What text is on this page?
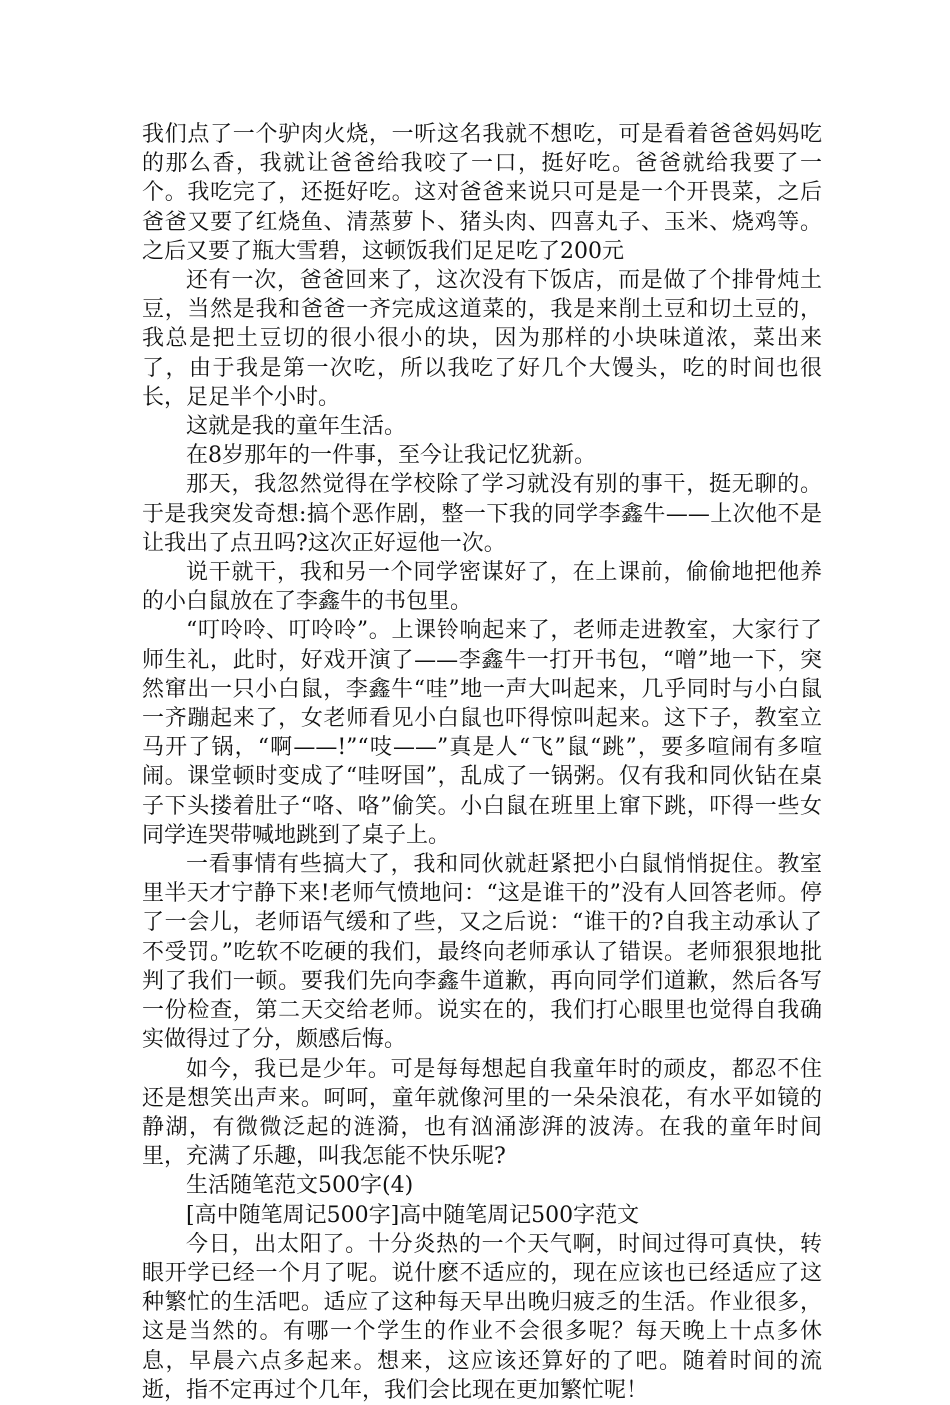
我们点了一个驴肉火烧，一听这名我就不想吃，可是看着爸爸妈妈吃的那么香，我就让爸爸给我咬了一口，挺好吃。爸爸就给我要了一个。我吃完了，还挺好吃。这对爸爸来说只可是是一个开畏菜，之后爸爸又要了红烧鱼、清蒸萝卜、猪头肉、四喜丸子、玉米、烧鸡等。之后又要了瓶大雪碧，这顿饭我们足足吃了200元

还有一次，爸爸回来了，这次没有下饭店，而是做了个排骨炖土豆，当然是我和爸爸一齐完成这道菜的，我是来削土豆和切土豆的，我总是把土豆切的很小很小的块，因为那样的小块味道浓，菜出来了，由于我是第一次吃，所以我吃了好几个大馒头，吃的时间也很长，足足半个小时。

这就是我的童年生活。

在8岁那年的一件事，至今让我记忆犹新。

那天，我忽然觉得在学校除了学习就没有别的事干，挺无聊的。于是我突发奇想:搞个恶作剧，整一下我的同学李鑫牛——上次他不是让我出了点丑吗?这次正好逗他一次。

说干就干，我和另一个同学密谋好了，在上课前，偷偷地把他养的小白鼠放在了李鑫牛的书包里。

“叮呤呤、叮呤呤”。上课铃响起来了，老师走进教室，大家行了师生礼，此时，好戏开演了——李鑫牛一打开书包，“噌”地一下，突然窜出一只小白鼠，李鑫牛“哇”地一声大叫起来，几乎同时与小白鼠一齐蹦起来了，女老师看见小白鼠也吓得惊叫起来。这下子，教室立马开了锅，“啊——!”“吱——”真是人“飞”鼠“跳”，要多喧闹有多喧闹。课堂顿时变成了“哇呀国”，乱成了一锅粥。仅有我和同伙钻在桌子下头搂着肚子“咯、咯”偷笑。小白鼠在班里上窜下跳，吓得一些女同学连哭带喊地跳到了桌子上。

一看事情有些搞大了，我和同伙就赶紧把小白鼠悄悄捉住。教室里半天才宁静下来!老师气愤地问：“这是谁干的”没有人回答老师。停了一会儿，老师语气缓和了些，又之后说：“谁干的?自我主动承认了不受罚。”吃软不吃硬的我们，最终向老师承认了错误。老师狠狠地批判了我们一顿。要我们先向李鑫牛道歉，再向同学们道歉，然后各写一份检查，第二天交给老师。说实在的，我们打心眼里也觉得自我确实做得过了分，颇感后悔。

如今，我已是少年。可是每每想起自我童年时的顽皮，都忍不住还是想笑出声来。呵呵，童年就像河里的一朵朵浪花，有水平如镜的静湖，有微微泛起的涟漪，也有汹涌澎湃的波涛。在我的童年时间里，充满了乐趣，叫我怎能不快乐呢?

生活随笔范文500字(4)

[高中随笔周记500字]高中随笔周记500字范文

今日，出太阳了。十分炎热的一个天气啊，时间过得可真快，转眼开学已经一个月了呢。说什麽不适应的，现在应该也已经适应了这种繁忙的生活吧。适应了这种每天早出晚归疲乏的生活。作业很多，这是当然的。有哪一个学生的作业不会很多呢？每天晚上十点多休息，早晨六点多起来。想来，这应该还算好的了吧。随着时间的流逝，指不定再过个几年，我们会比现在更加繁忙呢！
